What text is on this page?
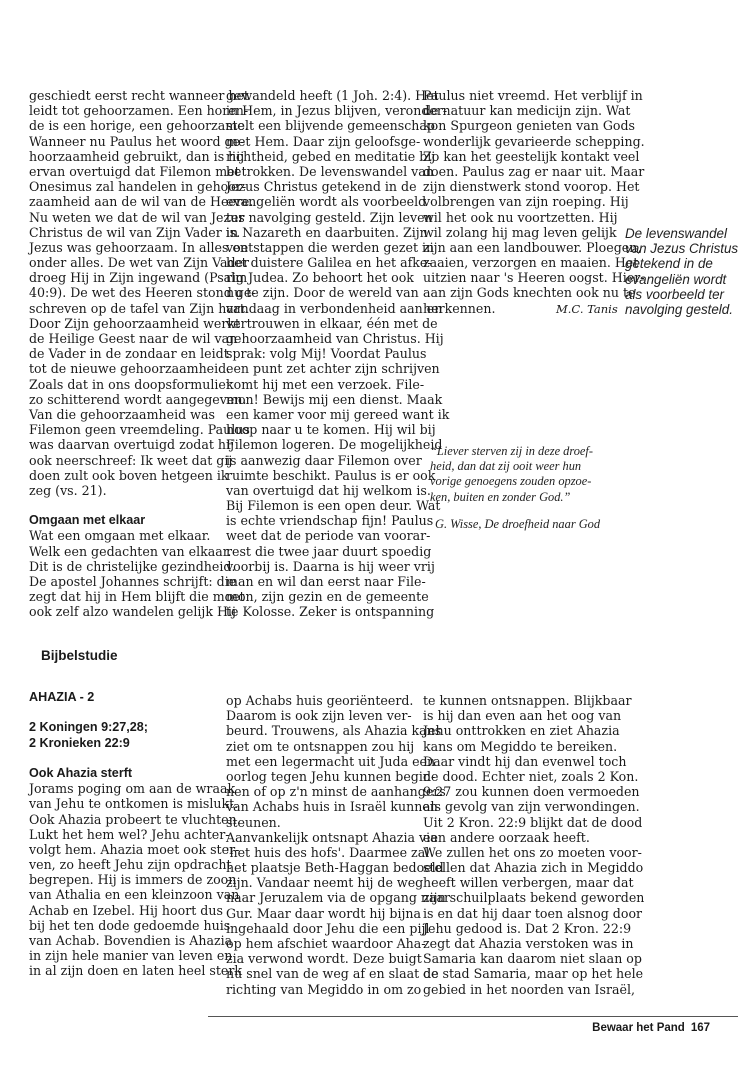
geschiedt eerst recht wanneer het
leidt tot gehoorzamen. Een horen-
de is een horige, een gehoorzame.
Wanneer nu Paulus het woord ge-
hoorzaamheid gebruikt, dan is hij
ervan overtuigd dat Filemon met
Onesimus zal handelen in gehoor-
zaamheid aan de wil van de Heere.
Nu weten we dat de wil van Jezus
Christus de wil van Zijn Vader is.
Jezus was gehoorzaam. In alles en
onder alles. De wet van Zijn Vader
droeg Hij in Zijn ingewand (Psalm
40:9). De wet des Heeren stond ge-
schreven op de tafel van Zijn hart.
Door Zijn gehoorzaamheid werkt
de Heilige Geest naar de wil van
de Vader in de zondaar en leidt
tot de nieuwe gehoorzaamheid.
Zoals dat in ons doopsformulier
zo schitterend wordt aangegeven.
Van die gehoorzaamheid was
Filemon geen vreemdeling. Paulus
was daarvan overtuigd zodat hij
ook neerschreef: Ik weet dat gij
doen zult ook boven hetgeen ik
zeg (vs. 21).
Omgaan met elkaar
Wat een omgaan met elkaar.
Welk een gedachten van elkaar.
Dit is de christelijke gezindheid.
De apostel Johannes schrijft: die
zegt dat hij in Hem blijft die moet
ook zelf alzo wandelen gelijk Hij
gewandeld heeft (1 Joh. 2:4). Het
in Hem, in Jezus blijven, veronder-
stelt een blijvende gemeenschap
met Hem. Daar zijn geloofsge-
richtheid, gebed en meditatie bij
betrokken. De levenswandel van
Jezus Christus getekend in de
evangeliën wordt als voorbeeld
ter navolging gesteld. Zijn leven
in Nazareth en daarbuiten. Zijn
voetstappen die werden gezet in
het duistere Galilea en het afke-
rig Judea. Zo behoort het ook
nu te zijn. Door de wereld van
vandaag in verbondenheid aan en
vertrouwen in elkaar, één met de
gehoorzaamheid van Christus. Hij
sprak: volg Mij! Voordat Paulus
een punt zet achter zijn schrijven
komt hij met een verzoek. File-
mon! Bewijs mij een dienst. Maak
een kamer voor mij gereed want ik
hoop naar u te komen. Hij wil bij
Filemon logeren. De mogelijkheid
is aanwezig daar Filemon over
ruimte beschikt. Paulus is er ook
van overtuigd dat hij welkom is.
Bij Filemon is een open deur. Wat
is echte vriendschap fijn! Paulus
weet dat de periode van voorar-
rest die twee jaar duurt spoedig
voorbij is. Daarna is hij weer vrij
man en wil dan eerst naar File-
mon, zijn gezin en de gemeente
te Kolosse. Zeker is ontspanning
Paulus niet vreemd. Het verblijf in
de natuur kan medicijn zijn. Wat
kon Spurgeon genieten van Gods
wonderlijk gevarieerde schepping.
Zo kan het geestelijk kontakt veel
doen. Paulus zag er naar uit. Maar
zijn dienstwerk stond voorop. Het
volbrengen van zijn roeping. Hij
wil het ook nu voortzetten. Hij
wil zolang hij mag leven gelijk
zijn aan een landbouwer. Ploegen,
zaaien, verzorgen en maaien. Het
uitzien naar 's Heeren oogst. Hier-
aan zijn Gods knechten ook nu te
herkennen.	M.C. Tanis
De levenswandel
van Jezus Christus
getekend in de
evangeliën wordt
als voorbeeld ter
navolging gesteld.
“Liever sterven zij in deze droef-
heid, dan dat zij ooit weer hun
vorige genoegens zouden opzoe-
ken, buiten en zonder God.”
G. Wisse, De droefheid naar God
Bijbelstudie
AHAZIA - 2
2 Koningen 9:27,28;
2 Kronieken 22:9
Ook Ahazia sterft
Jorams poging om aan de wraak
van Jehu te ontkomen is mislukt.
Ook Ahazia probeert te vluchten.
Lukt het hem wel? Jehu achter-
volgt hem. Ahazia moet ook ster-
ven, zo heeft Jehu zijn opdracht
begrepen. Hij is immers de zoon
van Athalia en een kleinzoon van
Achab en Izebel. Hij hoort dus
bij het ten dode gedoemde huis
van Achab. Bovendien is Ahazia
in zijn hele manier van leven en
in al zijn doen en laten heel sterk
op Achabs huis georiënteerd.
Daarom is ook zijn leven ver-
beurd. Trouwens, als Ahazia kans
ziet om te ontsnappen zou hij
met een legermacht uit Juda een
oorlog tegen Jehu kunnen begin-
nen of op z'n minst de aanhangers
van Achabs huis in Israël kunnen
steunen.
Aanvankelijk ontsnapt Ahazia via
'het huis des hofs'. Daarmee zal
het plaatsje Beth-Haggan bedoeld
zijn. Vandaar neemt hij de weg
naar Jeruzalem via de opgang naar
Gur. Maar daar wordt hij bijna
ingehaald door Jehu die een pijl
op hem afschiet waardoor Aha-
zia verwond wordt. Deze buigt
nu snel van de weg af en slaat de
richting van Megiddo in om zo
te kunnen ontsnappen. Blijkbaar
is hij dan even aan het oog van
Jehu onttrokken en ziet Ahazia
kans om Megiddo te bereiken.
Daar vindt hij dan evenwel toch
de dood. Echter niet, zoals 2 Kon.
9:27 zou kunnen doen vermoeden
als gevolg van zijn verwondingen.
Uit 2 Kron. 22:9 blijkt dat de dood
een andere oorzaak heeft.
We zullen het ons zo moeten voor-
stellen dat Ahazia zich in Megiddo
heeft willen verbergen, maar dat
zijn schuilplaats bekend geworden
is en dat hij daar toen alsnog door
Jehu gedood is. Dat 2 Kron. 22:9
zegt dat Ahazia verstoken was in
Samaria kan daarom niet slaan op
de stad Samaria, maar op het hele
gebied in het noorden van Israël,
Bewaar het Pand 167
